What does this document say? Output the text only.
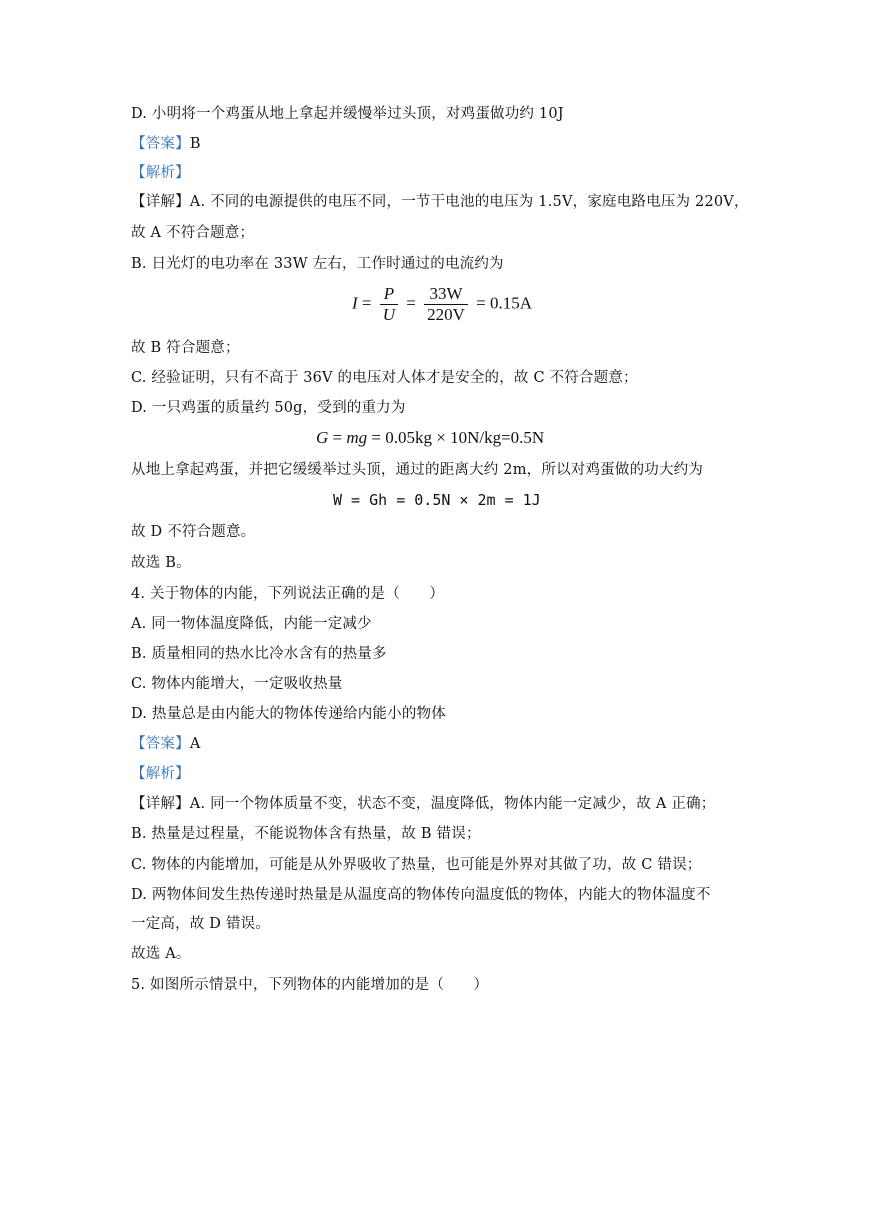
D. 小明将一个鸡蛋从地上拿起并缓慢举过头顶，对鸡蛋做功约 10J
【答案】B
【解析】
【详解】A. 不同的电源提供的电压不同，一节干电池的电压为 1.5V，家庭电路电压为 220V，
故 A 不符合题意；
B. 日光灯的电功率在 33W 左右，工作时通过的电流约为
$I = \frac{P}{U} = \frac{33W}{220V} = 0.15A$
故 B 符合题意；
C. 经验证明，只有不高于 36V 的电压对人体才是安全的，故 C 不符合题意；
D. 一只鸡蛋的质量约 50g，受到的重力为
G = mg = 0.05kg × 10N/kg=0.5N
从地上拿起鸡蛋，并把它缓缓举过头顶，通过的距离大约 2m，所以对鸡蛋做的功大约为
W = Gh = 0.5N × 2m = 1J
故 D 不符合题意。
故选 B。
4. 关于物体的内能，下列说法正确的是（　　）
A. 同一物体温度降低，内能一定减少
B. 质量相同的热水比冷水含有的热量多
C. 物体内能增大，一定吸收热量
D. 热量总是由内能大的物体传递给内能小的物体
【答案】A
【解析】
【详解】A. 同一个物体质量不变，状态不变，温度降低，物体内能一定减少，故 A 正确；
B. 热量是过程量，不能说物体含有热量，故 B 错误；
C. 物体的内能增加，可能是从外界吸收了热量，也可能是外界对其做了功，故 C 错误；
D. 两物体间发生热传递时热量是从温度高的物体传向温度低的物体，内能大的物体温度不
一定高，故 D 错误。
故选 A。
5. 如图所示情景中，下列物体的内能增加的是（　　）
